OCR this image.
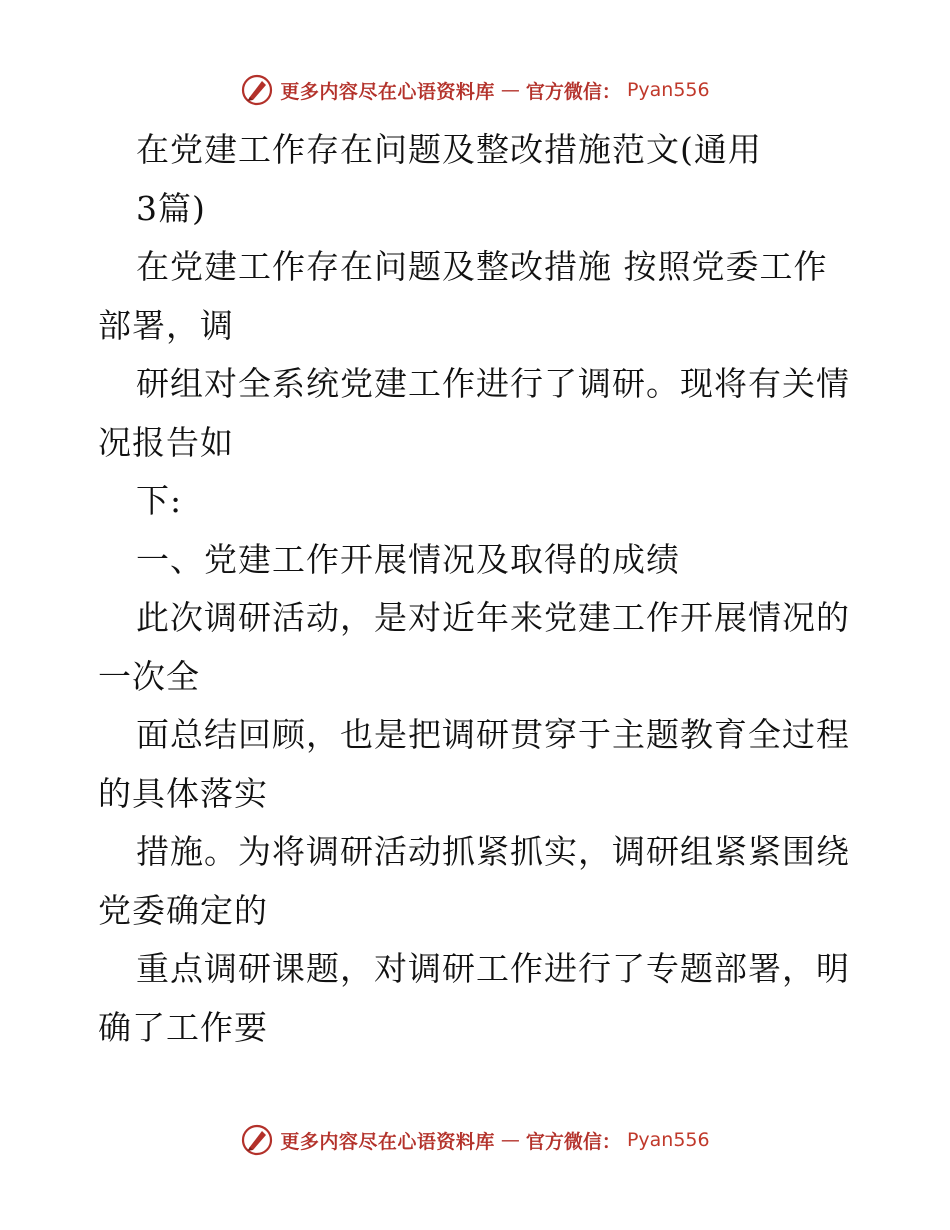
更多内容尽在心语资料库 — 官方微信： Pyan556
在党建工作存在问题及整改措施范文(通用
3篇)
在党建工作存在问题及整改措施 按照党委工作
部署，调
研组对全系统党建工作进行了调研。现将有关情
况报告如
下:
一、党建工作开展情况及取得的成绩
此次调研活动，是对近年来党建工作开展情况的
一次全
面总结回顾，也是把调研贯穿于主题教育全过程
的具体落实
措施。为将调研活动抓紧抓实，调研组紧紧围绕
党委确定的
重点调研课题，对调研工作进行了专题部署，明
确了工作要
更多内容尽在心语资料库 — 官方微信： Pyan556
